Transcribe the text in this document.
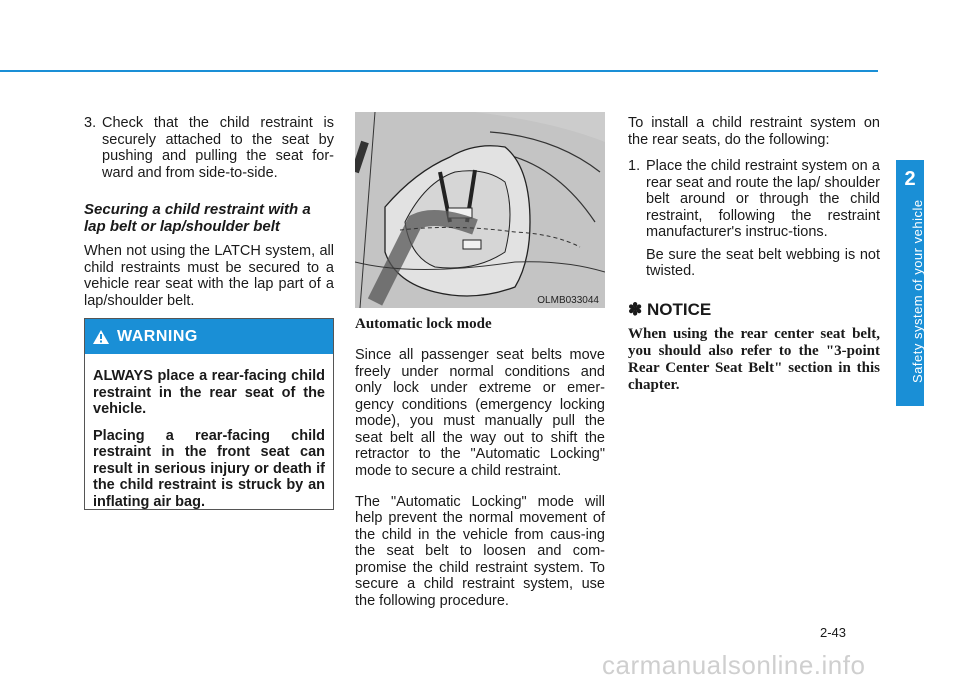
2
Safety system of your vehicle
3. Check that the child restraint is securely attached to the seat by pushing and pulling the seat for-ward and from side-to-side.
Securing a child restraint with a lap belt or lap/shoulder belt
When not using the LATCH system, all child restraints must be secured to a vehicle rear seat with the lap part of a lap/shoulder belt.
WARNING

ALWAYS place a rear-facing child restraint in the rear seat of the vehicle.

Placing a rear-facing child restraint in the front seat can result in serious injury or death if the child restraint is struck by an inflating air bag.

OLMB033044
Automatic lock mode

Since all passenger seat belts move freely under normal conditions and only lock under extreme or emer-gency conditions (emergency locking mode), you must manually pull the seat belt all the way out to shift the retractor to the "Automatic Locking" mode to secure a child restraint.

The "Automatic Locking" mode will help prevent the normal movement of the child in the vehicle from caus-ing the seat belt to loosen and com-promise the child restraint system. To secure a child restraint system, use the following procedure.

To install a child restraint system on the rear seats, do the following:

1. Place the child restraint system on a rear seat and route the lap/ shoulder belt around or through the child restraint, following the restraint manufacturer's instruc-tions.
Be sure the seat belt webbing is not twisted.
✽ NOTICE
When using the rear center seat belt, you should also refer to the "3-point Rear Center Seat Belt" section in this chapter.
2-43
carmanualsonline.info
